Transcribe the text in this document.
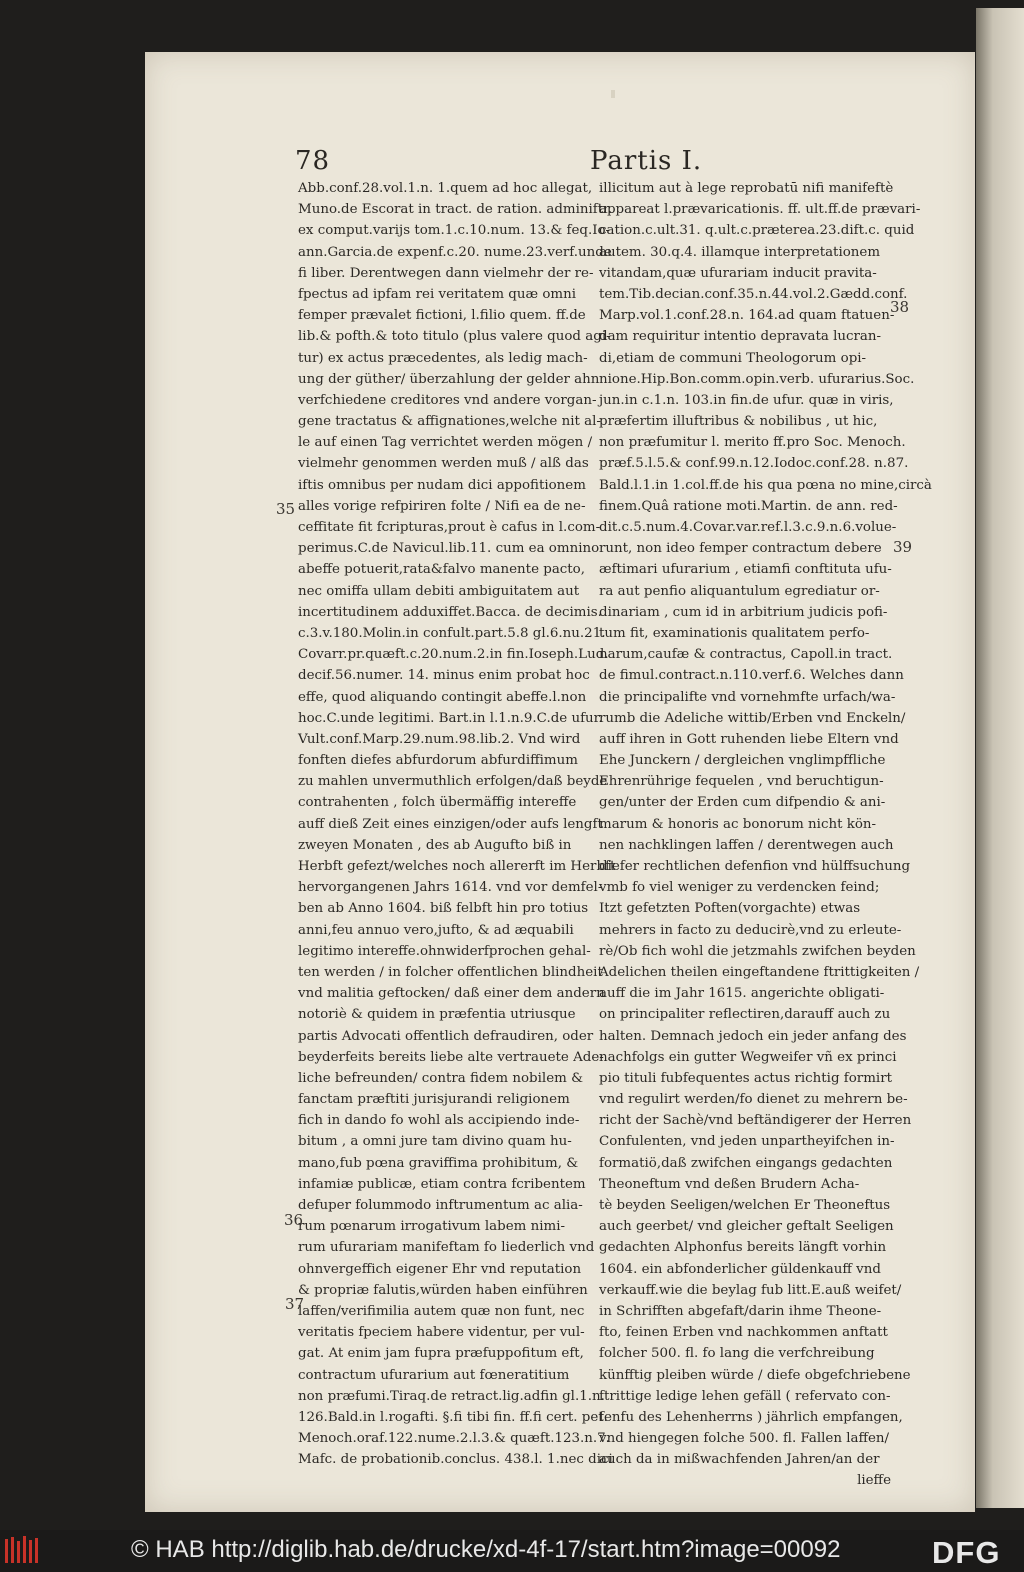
78	Partis I.
Abb.conf.28.vol.1.n. 1.quem ad hoc allegat,
Muno.de Escorat in tract. de ration. adminiftr.
ex comput.varijs tom.1.c.10.num. 13.& feq.Io-
ann.Garcia.de expenf.c.20. nume.23.verf.unde
fi liber. Derentwegen dann vielmehr der re-
fpectus ad ipfam rei veritatem quæ omni
femper prævalet fictioni, l.filio quem. ff.de
lib.& pofth.& toto titulo (plus valere quod agi-
tur) ex actus præcedentes, als ledig mach-
ung der güther/ überzahlung der gelder ahn
verfchiedene creditores vnd andere vorgan-
gene tractatus & affignationes,welche nit al-
le auf einen Tag verrichtet werden mögen /
vielmehr genommen werden muß / alß das
iftis omnibus per nudam dici appofitionem
alles vorige refpiriren folte / Nifi ea de ne-
ceffitate fit fcripturas,prout è cafus in l.com-
perimus.C.de Navicul.lib.11. cum ea omnino
abeffe potuerit,rata&falvo manente pacto,
nec omiffa ullam debiti ambiguitatem aut
incertitudinem adduxiffet.Bacca. de decimis.
c.3.v.180.Molin.in confult.part.5.8 gl.6.nu.21.
Covarr.pr.quæft.c.20.num.2.in fin.Ioseph.Lud.
decif.56.numer. 14. minus enim probat hoc
effe, quod aliquando contingit abeffe.l.non
hoc.C.unde legitimi. Bart.in l.1.n.9.C.de ufur.
Vult.conf.Marp.29.num.98.lib.2. Vnd wird
fonften diefes abfurdorum abfurdiffimum
zu mahlen unvermuthlich erfolgen/daß beyde
contrahenten , folch übermäffig intereffe
auff dieß Zeit eines einzigen/oder aufs lengft
zweyen Monaten , des ab Augufto biß in
Herbft gefezt/welches noch allererft im Herbft
hervorgangenen Jahrs 1614. vnd vor demfel-
ben ab Anno 1604. biß felbft hin pro totius
anni,feu annuo vero,jufto, & ad æquabili
legitimo intereffe.ohnwiderfprochen gehal-
ten werden / in folcher offentlichen blindheit
vnd malitia geftocken/ daß einer dem andern
notoriè & quidem in præfentia utriusque
partis Advocati offentlich defraudiren, oder
beyderfeits bereits liebe alte vertrauete Ade-
liche befreunden/ contra fidem nobilem &
fanctam præftiti jurisjurandi religionem
fich in dando fo wohl als accipiendo inde-
bitum , a omni jure tam divino quam hu-
mano,fub pœna graviffima prohibitum, &
infamiæ publicæ, etiam contra fcribentem
defuper folummodo inftrumentum ac alia-
rum pœnarum irrogativum labem nimi-
rum ufurariam manifeftam fo liederlich vnd
ohnvergeffich eigener Ehr vnd reputation
& propriæ falutis,würden haben einführen
laffen/verifimilia autem quæ non funt, nec
veritatis fpeciem habere videntur, per vul-
gat. At enim jam fupra præfuppofitum eft,
contractum ufurarium aut fœneratitium
non præfumi.Tiraq.de retract.lig.adfin gl.1.n.
126.Bald.in l.rogafti. §.fi tibi fin. ff.fi cert. pet.
Menoch.oraf.122.nume.2.l.3.& quæft.123.n.7.
Mafc. de probationib.conclus. 438.l. 1.nec dici
illicitum aut à lege reprobatū nifi manifeftè
appareat l.prævaricationis. ff. ult.ff.de prævari-
cation.c.ult.31. q.ult.c.præterea.23.dift.c. quid
autem. 30.q.4. illamque interpretationem
vitandam,quæ ufurariam inducit pravita-
tem.Tib.decian.conf.35.n.44.vol.2.Gædd.conf.
Marp.vol.1.conf.28.n. 164.ad quam ftatuen-
dam requiritur intentio depravata lucran-
di,etiam de communi Theologorum opi-
nione.Hip.Bon.comm.opin.verb. ufurarius.Soc.
jun.in c.1.n. 103.in fin.de ufur. quæ in viris,
præfertim illuftribus & nobilibus , ut hic,
non præfumitur l. merito ff.pro Soc. Menoch.
præf.5.l.5.& conf.99.n.12.Iodoc.conf.28. n.87.
Bald.l.1.in 1.col.ff.de his qua pœna no mine,circà
finem.Quâ ratione moti.Martin. de ann. red-
dit.c.5.num.4.Covar.var.ref.l.3.c.9.n.6.volue-
runt, non ideo femper contractum debere
æftimari ufurarium , etiamfi conftituta ufu-
ra aut penfio aliquantulum egrediatur or-
dinariam , cum id in arbitrium judicis pofi-
tum fit, examinationis qualitatem perfo-
narum,caufæ & contractus, Capoll.in tract.
de fimul.contract.n.110.verf.6. Welches dann
die principalifte vnd vornehmfte urfach/wa-
rumb die Adeliche wittib/Erben vnd Enckeln/
auff ihren in Gott ruhenden liebe Eltern vnd
Ehe Junckern / dergleichen vnglimpffliche
Ehrenrührige fequelen , vnd beruchtigun-
gen/unter der Erden cum difpendio & ani-
marum & honoris ac bonorum nicht kön-
nen nachklingen laffen / derentwegen auch
diefer rechtlichen defenfion vnd hülffsuchung
vmb fo viel weniger zu verdencken feind;
Itzt gefetzten Poften(vorgachte) etwas
mehrers in facto zu deducirè,vnd zu erleute-
rè/Ob fich wohl die jetzmahls zwifchen beyden
Adelichen theilen eingeftandene ftrittigkeiten /
auff die im Jahr 1615. angerichte obligati-
on principaliter reflectiren,darauff auch zu
halten. Demnach jedoch ein jeder anfang des
nachfolgs ein gutter Wegweifer vñ ex princi
pio tituli fubfequentes actus richtig formirt
vnd regulirt werden/fo dienet zu mehrern be-
richt der Sachè/vnd beftändigerer der Herren
Confulenten, vnd jeden unpartheyifchen in-
formatiö,daß zwifchen eingangs gedachten
Theoneftum vnd deßen Brudern Acha-
tè beyden Seeligen/welchen Er Theoneftus
auch geerbet/ vnd gleicher geftalt Seeligen
gedachten Alphonfus bereits längft vorhin
1604. ein abfonderlicher güldenkauff vnd
verkauff.wie die beylag fub litt.E.auß weifet/
in Schrifften abgefaft/darin ihme Theone-
fto, feinen Erben vnd nachkommen anftatt
folcher 500. fl. fo lang die verfchreibung
künfftig pleiben würde / diefe obgefchriebene
ftrittige ledige lehen gefäll ( refervato con-
fenfu des Lehenherrns ) jährlich empfangen,
vnd hiengegen folche 500. fl. Fallen laffen/
auch da in mißwachfenden Jahren/an der
lieffe
35
36
37
38
39
© HAB http://diglib.hab.de/drucke/xd-4f-17/start.htm?image=00092	DFG
